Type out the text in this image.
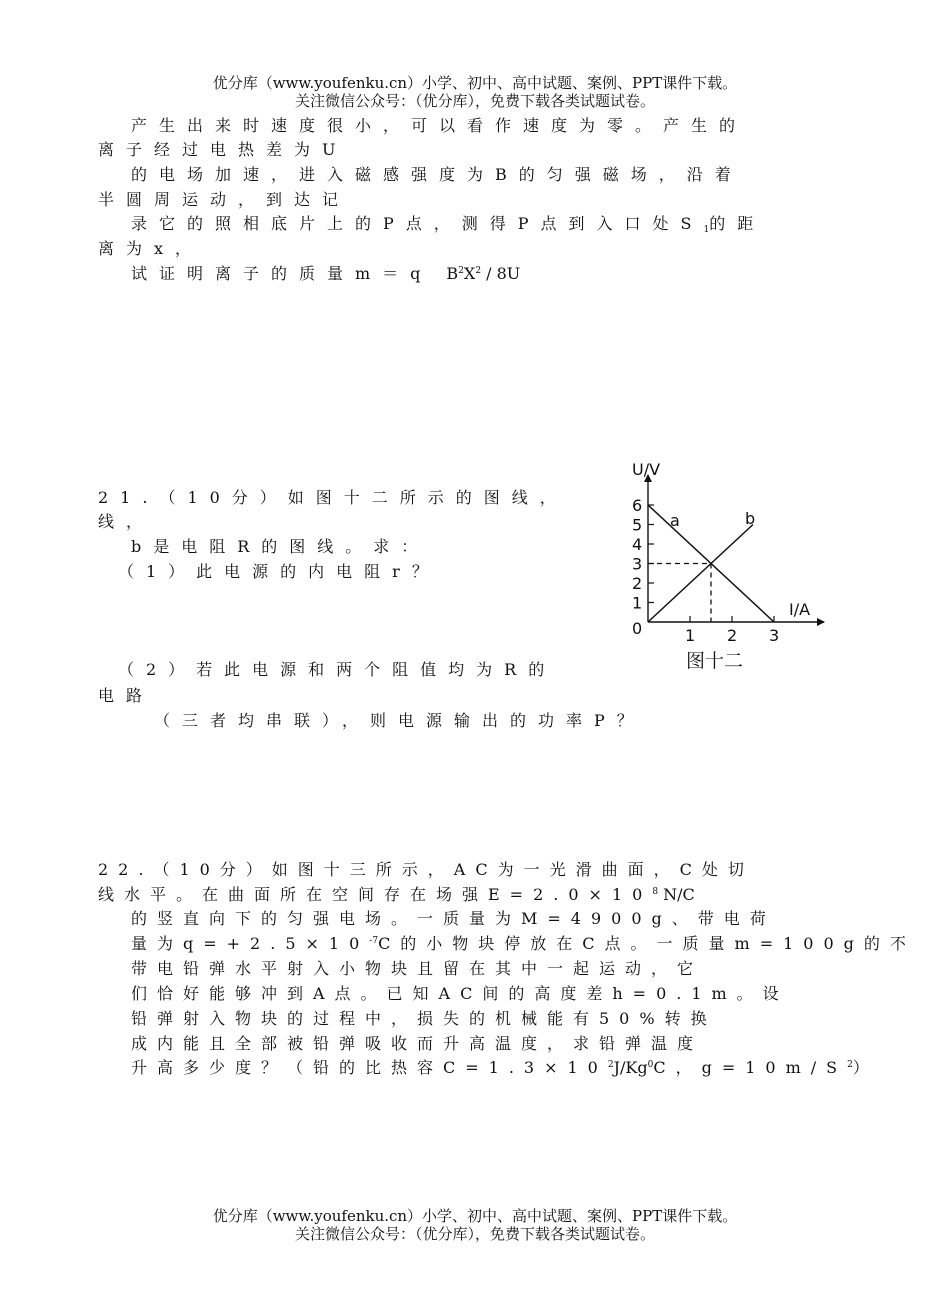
优分库（www.youfenku.cn）小学、初中、高中试题、案例、PPT课件下载。
关注微信公众号：（优分库），免费下载各类试题试卷。
产生出来时速度很小，可以看作速度为零。产生的
离子经过电热差为U
的电场加速，进入磁感强度为B的匀强磁场，沿着
半圆周运动，到达记
录它的照相底片上的P点，测得P点到入口处$S_1$的距
离为x，
试证明离子的质量m＝q $B^2X^2 / 8U$
21.（10分）如图十二所示的图线，
线，
b是电阻R的图线。求：
（1）此电源的内电阻r？
（2）若此电源和两个阻值均为R的
电路
（三者均串联），则电源输出的功率P？
1
2
3
4
5
6
1 2 3
U/V
I/A
0
a	b
图十二
22.（10分）如图十三所示，AC为一光滑曲面，C处切
线水平。在曲面所在空间存在场强$E=2.0\times 10^8$ N/C
的竖直向下的匀强电场。一质量为M=4900g、带电荷
量为$q=+2.5\times 10^{-7}C$的小物块停放在C点。一质量m=100g的不
带电铅弹水平射入小物块且留在其中一起运动，它
们恰好能够冲到A点。已知AC间的高度差h=0.1m。设
铅弹射入物块的过程中，损失的机械能有50%转换
成内能且全部被铅弹吸收而升高温度，求铅弹温度
升高多少度？（铅的比热容$C=1.3\times 10^2J/Kg^0C$，$g=10m/S^2$）
优分库（www.youfenku.cn）小学、初中、高中试题、案例、PPT课件下载。
关注微信公众号：（优分库），免费下载各类试题试卷。
